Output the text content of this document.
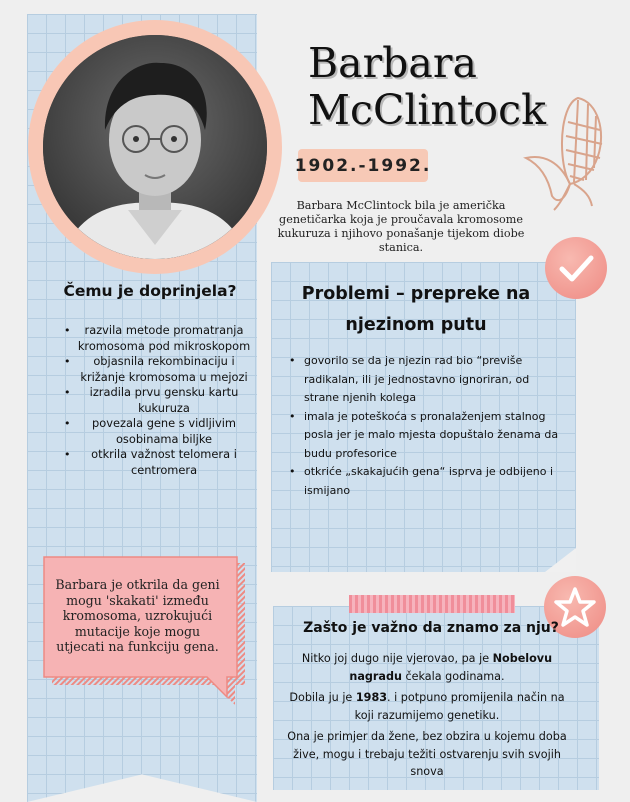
Barbara
McClintock
1902.-1992.
Barbara McClintock bila je američka genetičarka koja je proučavala kromosome kukuruza i njihovo ponašanje tijekom diobe stanica.
Čemu je doprinjela?
• razvila metode promatranja kromosoma pod mikroskopom
• objasnila rekombinaciju i križanje kromosoma u mejozi
• izradila prvu gensku kartu kukuruza
• povezala gene s vidljivim osobinama biljke
• otkrila važnost telomera i centromera
Barbara je otkrila da geni mogu 'skakati' između kromosoma, uzrokujući mutacije koje mogu utjecati na funkciju gena.
Problemi – prepreke na njezinom putu
• govorilo se da je njezin rad bio “previše radikalan, ili je jednostavno ignoriran, od strane njenih kolega
• imala je poteškoća s pronalaženjem stalnog posla jer je malo mjesta dopuštalo ženama da budu profesorice
• otkriće „skakajućih gena“ isprva je odbijeno i ismijano
Zašto je važno da znamo za nju?

Nitko joj dugo nije vjerovao, pa je Nobelovu nagradu čekala godinama.

Dobila ju je 1983. i potpuno promijenila način na koji razumijemo genetiku.

Ona je primjer da žene, bez obzira u kojemu doba žive, mogu i trebaju težiti ostvarenju svih svojih snova
